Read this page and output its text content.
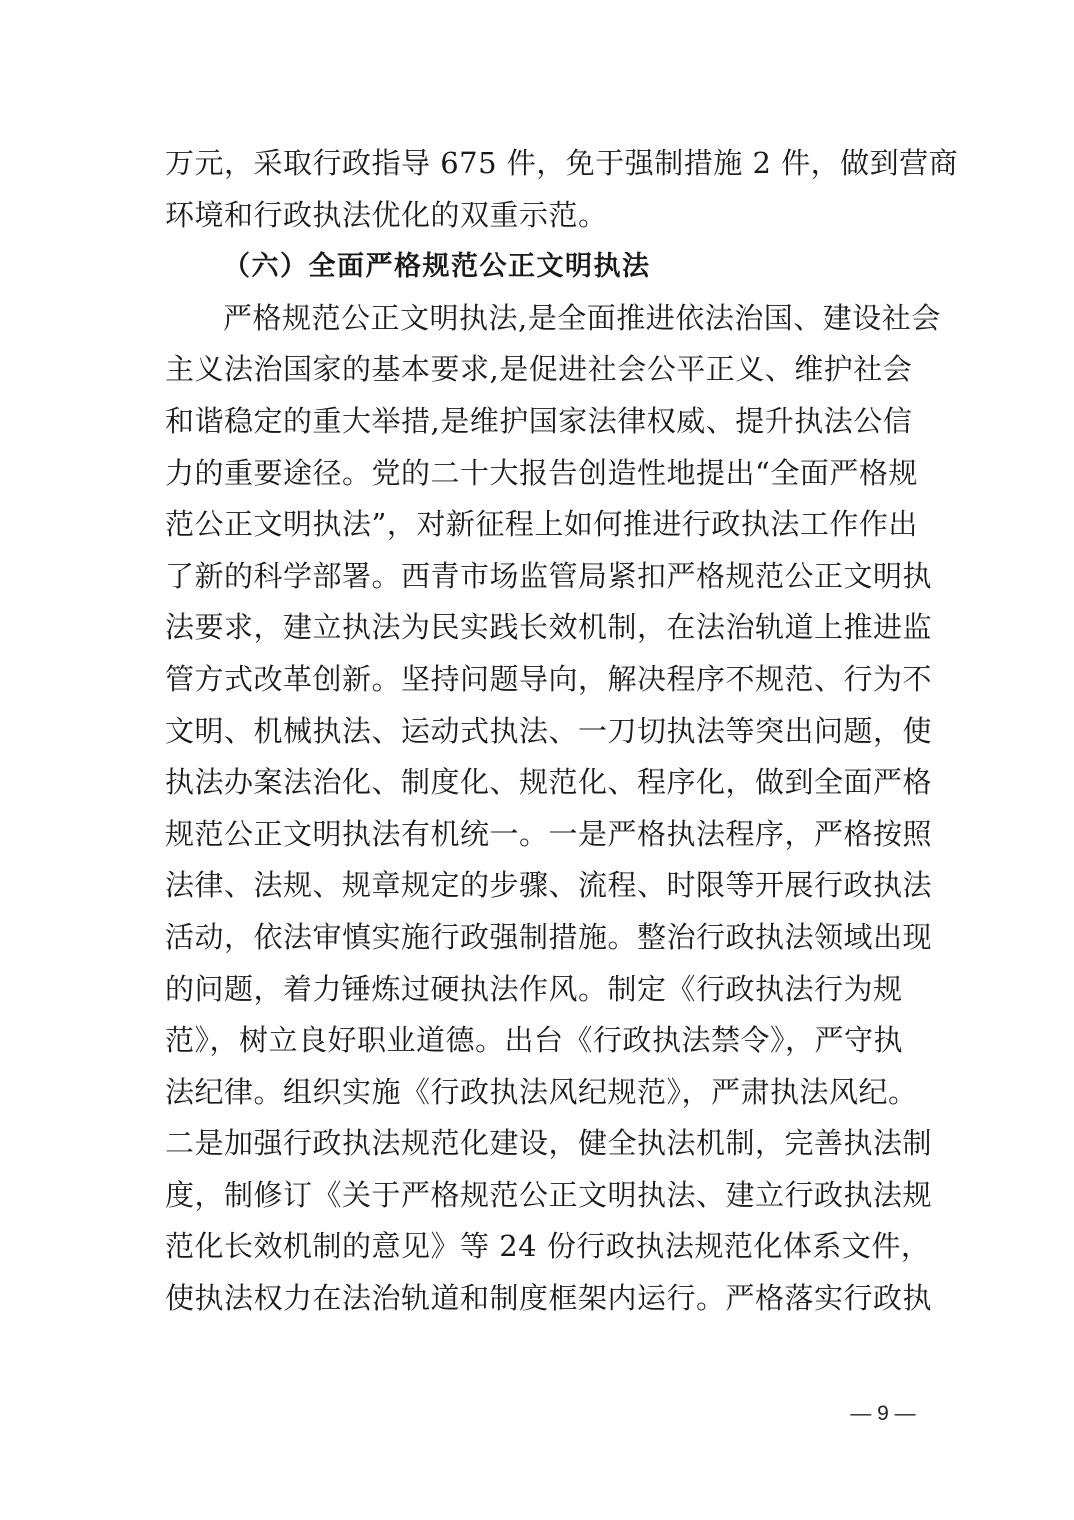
万元，采取行政指导 675 件，免于强制措施 2 件，做到营商
环境和行政执法优化的双重示范。
（六）全面严格规范公正文明执法
严格规范公正文明执法,是全面推进依法治国、建设社会
主义法治国家的基本要求,是促进社会公平正义、维护社会
和谐稳定的重大举措,是维护国家法律权威、提升执法公信
力的重要途径。党的二十大报告创造性地提出“全面严格规
范公正文明执法”，对新征程上如何推进行政执法工作作出
了新的科学部署。西青市场监管局紧扣严格规范公正文明执
法要求，建立执法为民实践长效机制，在法治轨道上推进监
管方式改革创新。坚持问题导向，解决程序不规范、行为不
文明、机械执法、运动式执法、一刀切执法等突出问题，使
执法办案法治化、制度化、规范化、程序化，做到全面严格
规范公正文明执法有机统一。一是严格执法程序，严格按照
法律、法规、规章规定的步骤、流程、时限等开展行政执法
活动，依法审慎实施行政强制措施。整治行政执法领域出现
的问题，着力锤炼过硬执法作风。制定《行政执法行为规
范》，树立良好职业道德。出台《行政执法禁令》，严守执
法纪律。组织实施《行政执法风纪规范》，严肃执法风纪。
二是加强行政执法规范化建设，健全执法机制，完善执法制
度，制修订《关于严格规范公正文明执法、建立行政执法规
范化长效机制的意见》等 24 份行政执法规范化体系文件，
使执法权力在法治轨道和制度框架内运行。严格落实行政执
— 9 —
